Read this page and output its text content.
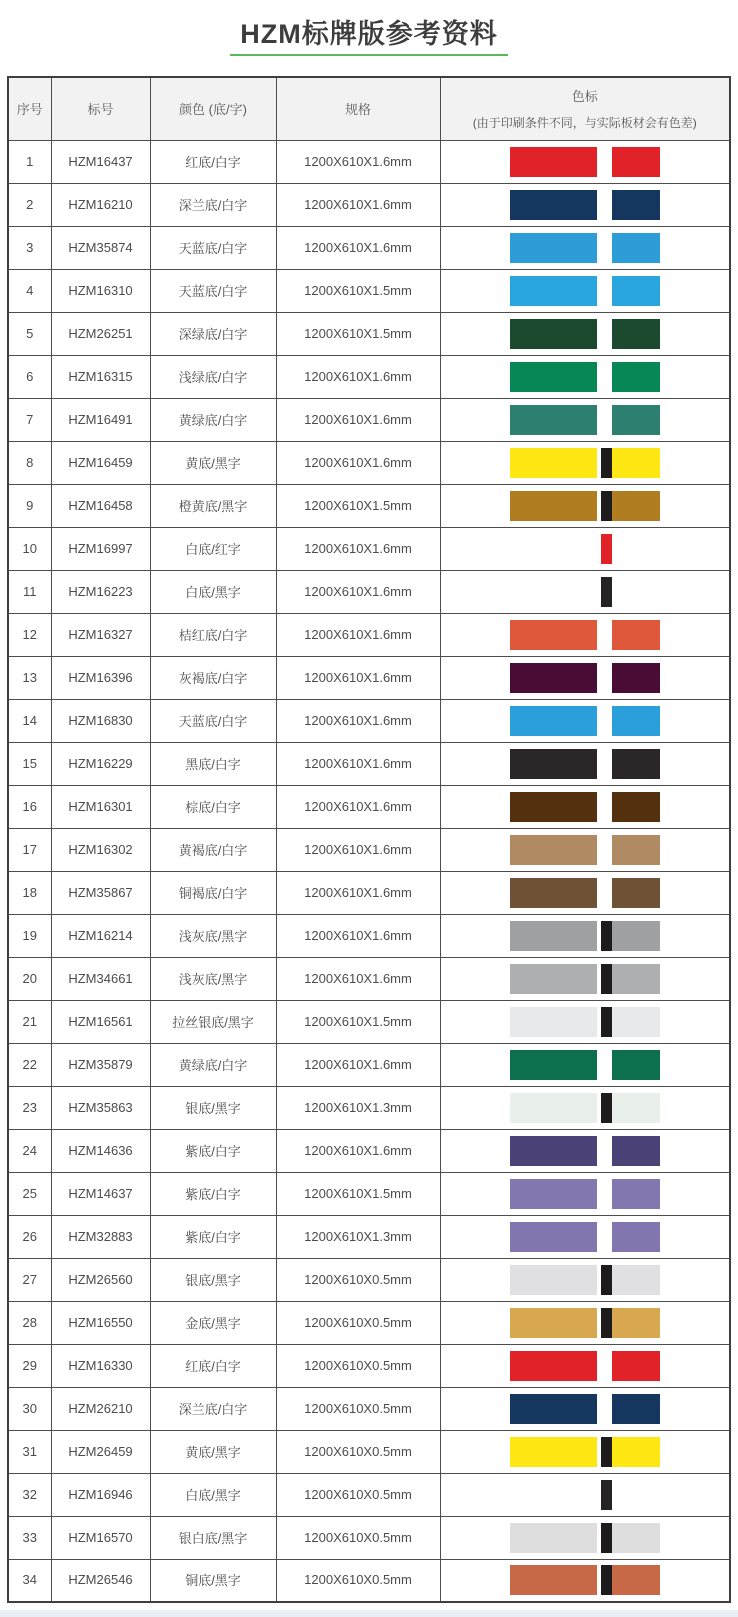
HZM标牌版参考资料
序号	标号	颜色 (底/字)	规格	色标
(由于印刷条件不同，与实际板材会有色差)

1	HZM16437	红底/白字	1200X610X1.6mm	

2	HZM16210	深兰底/白字	1200X610X1.6mm	

3	HZM35874	天蓝底/白字	1200X610X1.6mm	

4	HZM16310	天蓝底/白字	1200X610X1.5mm	

5	HZM26251	深绿底/白字	1200X610X1.5mm	

6	HZM16315	浅绿底/白字	1200X610X1.6mm	

7	HZM16491	黄绿底/白字	1200X610X1.6mm	

8	HZM16459	黄底/黑字	1200X610X1.6mm	

9	HZM16458	橙黄底/黑字	1200X610X1.5mm	

10	HZM16997	白底/红字	1200X610X1.6mm	

11	HZM16223	白底/黑字	1200X610X1.6mm	

12	HZM16327	桔红底/白字	1200X610X1.6mm	

13	HZM16396	灰褐底/白字	1200X610X1.6mm	

14	HZM16830	天蓝底/白字	1200X610X1.6mm	

15	HZM16229	黑底/白字	1200X610X1.6mm	

16	HZM16301	棕底/白字	1200X610X1.6mm	

17	HZM16302	黄褐底/白字	1200X610X1.6mm	

18	HZM35867	铜褐底/白字	1200X610X1.6mm	

19	HZM16214	浅灰底/黑字	1200X610X1.6mm	

20	HZM34661	浅灰底/黑字	1200X610X1.6mm	

21	HZM16561	拉丝银底/黑字	1200X610X1.5mm	

22	HZM35879	黄绿底/白字	1200X610X1.6mm	

23	HZM35863	银底/黑字	1200X610X1.3mm	

24	HZM14636	紫底/白字	1200X610X1.6mm	

25	HZM14637	紫底/白字	1200X610X1.5mm	

26	HZM32883	紫底/白字	1200X610X1.3mm	

27	HZM26560	银底/黑字	1200X610X0.5mm	

28	HZM16550	金底/黑字	1200X610X0.5mm	

29	HZM16330	红底/白字	1200X610X0.5mm	

30	HZM26210	深兰底/白字	1200X610X0.5mm	

31	HZM26459	黄底/黑字	1200X610X0.5mm	

32	HZM16946	白底/黑字	1200X610X0.5mm	

33	HZM16570	银白底/黑字	1200X610X0.5mm	

34	HZM26546	铜底/黑字	1200X610X0.5mm	
